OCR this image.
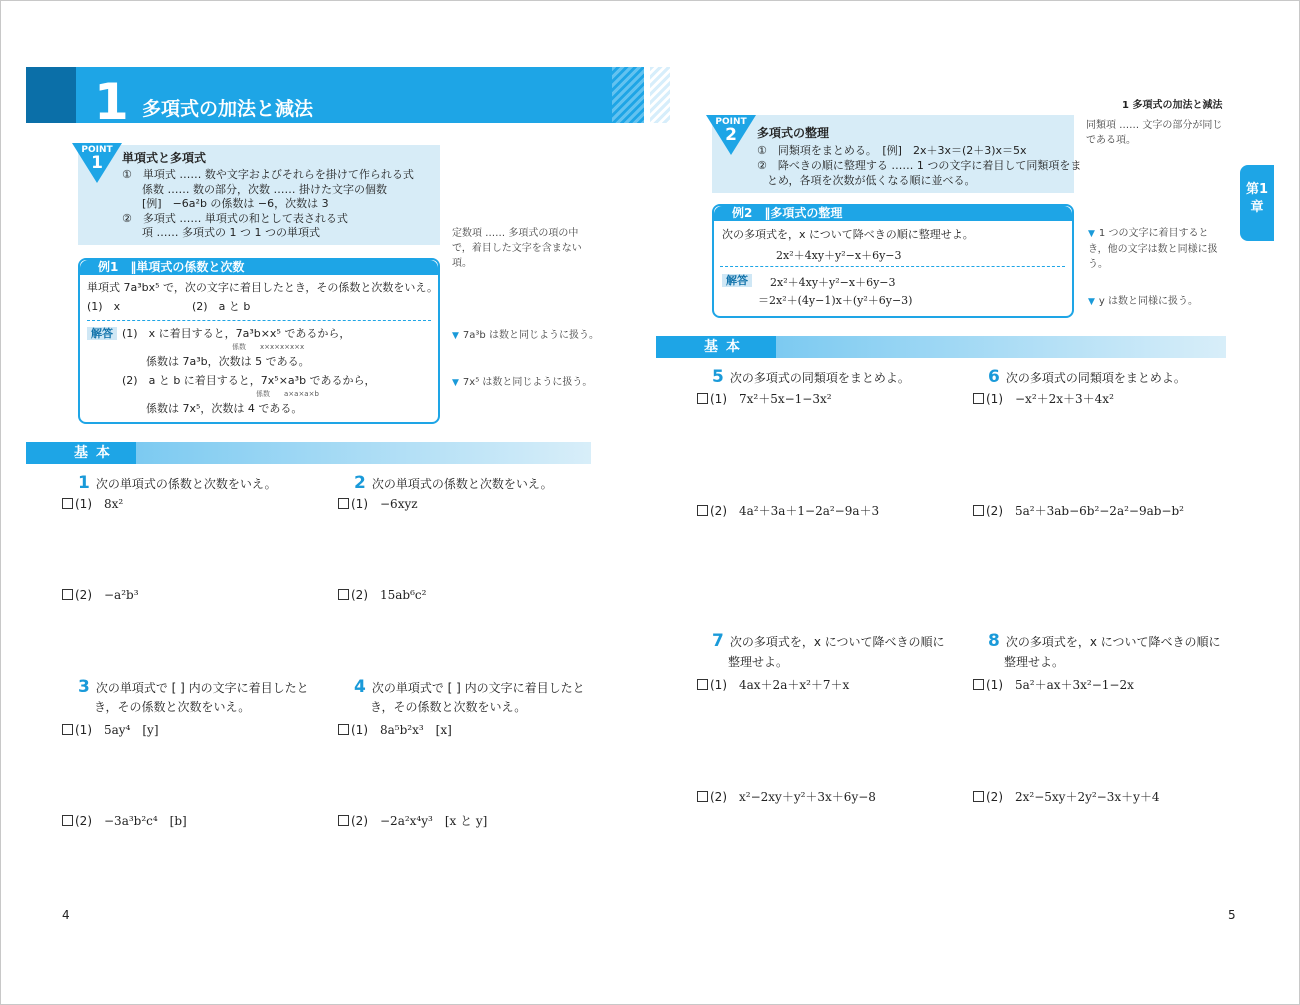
1 多項式の加法と減法
POINT
1	単項式と多項式
①　単項式 …… 数や文字およびそれらを掛けて作られる式
係数 …… 数の部分，次数 …… 掛けた文字の個数
[例]　−6a²b の係数は −6，次数は 3
②　多項式 …… 単項式の和として表される式
項 …… 多項式の 1 つ 1 つの単項式	定数項 …… 多項式の項の中で，着目した文字を含まない項。
例1　‖単項式の係数と次数
単項式 7a³bx⁵ で，次の文字に着目したとき，その係数と次数をいえ。
(1)　x	(2)　a と b
解答 (1)　x に着目すると，7a³b×x⁵ であるから，
係数　　x×x×x×x×x
係数は 7a³b，次数は 5 である。
(2)　a と b に着目すると，7x⁵×a³b であるから，
係数　　a×a×a×b
係数は 7x⁵，次数は 4 である。
▼ 7a³b は数と同じように扱う。
▼ 7x⁵ は数と同じように扱う。
基本
1 次の単項式の係数と次数をいえ。
(1) 8x²
(2) −a²b³
2 次の単項式の係数と次数をいえ。
(1) −6xyz
(2) 15ab⁶c²
3 次の単項式で [ ] 内の文字に着目したと
き，その係数と次数をいえ。
(1) 5ay⁴　[y]
(2) −3a³b²c⁴　[b]
4 次の単項式で [ ] 内の文字に着目したと
き，その係数と次数をいえ。
(1) 8a⁵b²x³　[x]
(2) −2a²x⁴y³　[x と y]
4
1 多項式の加法と減法
POINT
2	多項式の整理
①　同類項をまとめる。　[例]　2x＋3x＝(2＋3)x＝5x
②　降べきの順に整理する …… 1 つの文字に着目して同類項をま
とめ，各項を次数が低くなる順に並べる。
同類項 …… 文字の部分が同じである項。
第1章
例2　‖多項式の整理
次の多項式を，x について降べきの順に整理せよ。
2x²＋4xy＋y²−x＋6y−3
解答	2x²＋4xy＋y²−x＋6y−3
＝2x²＋(4y−1)x＋(y²＋6y−3)
▼ 1 つの文字に着目するとき，他の文字は数と同様に扱う。
▼ y は数と同様に扱う。
基本
5 次の多項式の同類項をまとめよ。
(1) 7x²＋5x−1−3x²
(2) 4a²＋3a＋1−2a²−9a＋3
6 次の多項式の同類項をまとめよ。
(1) −x²＋2x＋3＋4x²
(2) 5a²＋3ab−6b²−2a²−9ab−b²
7 次の多項式を，x について降べきの順に
整理せよ。
(1) 4ax＋2a＋x²＋7＋x
(2) x²−2xy＋y²＋3x＋6y−8
8 次の多項式を，x について降べきの順に
整理せよ。
(1) 5a²＋ax＋3x²−1−2x
(2) 2x²−5xy＋2y²−3x＋y＋4
5
